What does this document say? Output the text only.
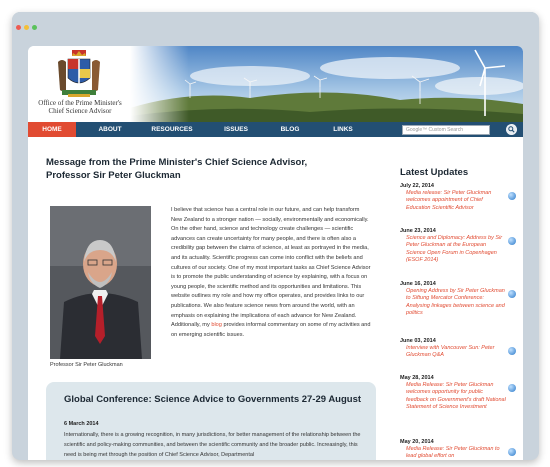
Office of the Prime Minister's Chief Science Advisor
HOME	ABOUT	RESOURCES	ISSUES	BLOG	LINKS	Google™ Custom Search
Message from the Prime Minister's Chief Science Advisor, Professor Sir Peter Gluckman
Professor Sir Peter Gluckman
I believe that science has a central role in our future, and can help transform New Zealand to a stronger nation — socially, environmentally and economically. On the other hand, science and technology create challenges — scientific advances can create uncertainty for many people, and there is often also a credibility gap between the claims of science, at least as portrayed in the media, and its actuality. Scientific progress can come into conflict with the beliefs and cultures of our society. One of my most important tasks as Chief Science Advisor is to promote the public understanding of science by explaining, with a focus on young people, the scientific method and its opportunities and limitations. This website outlines my role and how my office operates, and provides links to our publications. We also feature science news from around the world, with an emphasis on explaining the implications of each advance for New Zealand. Additionally, my blog provides informal commentary on some of my activities and on emerging scientific issues.
Global Conference: Science Advice to Governments 27-29 August
6 March 2014
Internationally, there is a growing recognition, in many jurisdictions, for better management of the relationship between the scientific and policy-making communities, and between the scientific community and the broader public. Increasingly, this need is being met through the position of Chief Science Advisor, Departmental
Latest Updates
July 22, 2014
Media release: Sir Peter Gluckman welcomes appointment of Chief Education Scientific Advisor
June 23, 2014
Science and Diplomacy: Address by Sir Peter Gluckman at the European Science Open Forum in Copenhagen (ESOF 2014)
June 16, 2014
Opening Address by Sir Peter Gluckman to Siftung Mercator Conference: Analysing linkages between science and politics
June 03, 2014
Interview with Vancouver Sun: Peter Gluckman Q&A
May 28, 2014
Media Release: Sir Peter Gluckman welcomes opportunity for public feedback on Government's draft National Statement of Science Investment
May 20, 2014
Media Release: Sir Peter Gluckman to lead global effort on
